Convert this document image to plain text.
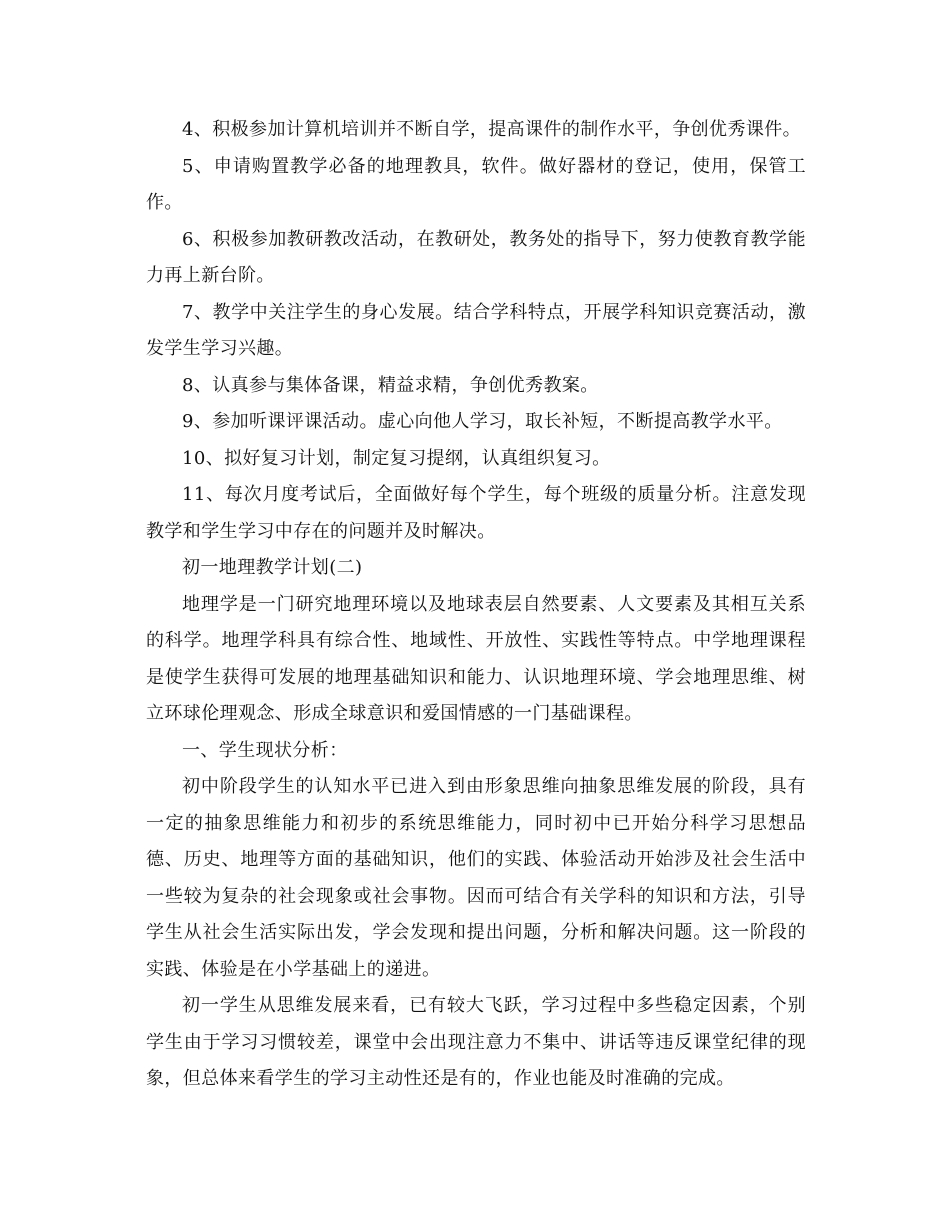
4、积极参加计算机培训并不断自学，提高课件的制作水平，争创优秀课件。

5、申请购置教学必备的地理教具，软件。做好器材的登记，使用，保管工作。

6、积极参加教研教改活动，在教研处，教务处的指导下，努力使教育教学能力再上新台阶。

7、教学中关注学生的身心发展。结合学科特点，开展学科知识竞赛活动，激发学生学习兴趣。

8、认真参与集体备课，精益求精，争创优秀教案。

9、参加听课评课活动。虚心向他人学习，取长补短，不断提高教学水平。

10、拟好复习计划，制定复习提纲，认真组织复习。

11、每次月度考试后，全面做好每个学生，每个班级的质量分析。注意发现教学和学生学习中存在的问题并及时解决。

初一地理教学计划(二)

地理学是一门研究地理环境以及地球表层自然要素、人文要素及其相互关系的科学。地理学科具有综合性、地域性、开放性、实践性等特点。中学地理课程是使学生获得可发展的地理基础知识和能力、认识地理环境、学会地理思维、树立环球伦理观念、形成全球意识和爱国情感的一门基础课程。

一、学生现状分析：

初中阶段学生的认知水平已进入到由形象思维向抽象思维发展的阶段，具有一定的抽象思维能力和初步的系统思维能力，同时初中已开始分科学习思想品德、历史、地理等方面的基础知识，他们的实践、体验活动开始涉及社会生活中一些较为复杂的社会现象或社会事物。因而可结合有关学科的知识和方法，引导学生从社会生活实际出发，学会发现和提出问题，分析和解决问题。这一阶段的实践、体验是在小学基础上的递进。

初一学生从思维发展来看，已有较大飞跃，学习过程中多些稳定因素，个别学生由于学习习惯较差，课堂中会出现注意力不集中、讲话等违反课堂纪律的现象，但总体来看学生的学习主动性还是有的，作业也能及时准确的完成。
